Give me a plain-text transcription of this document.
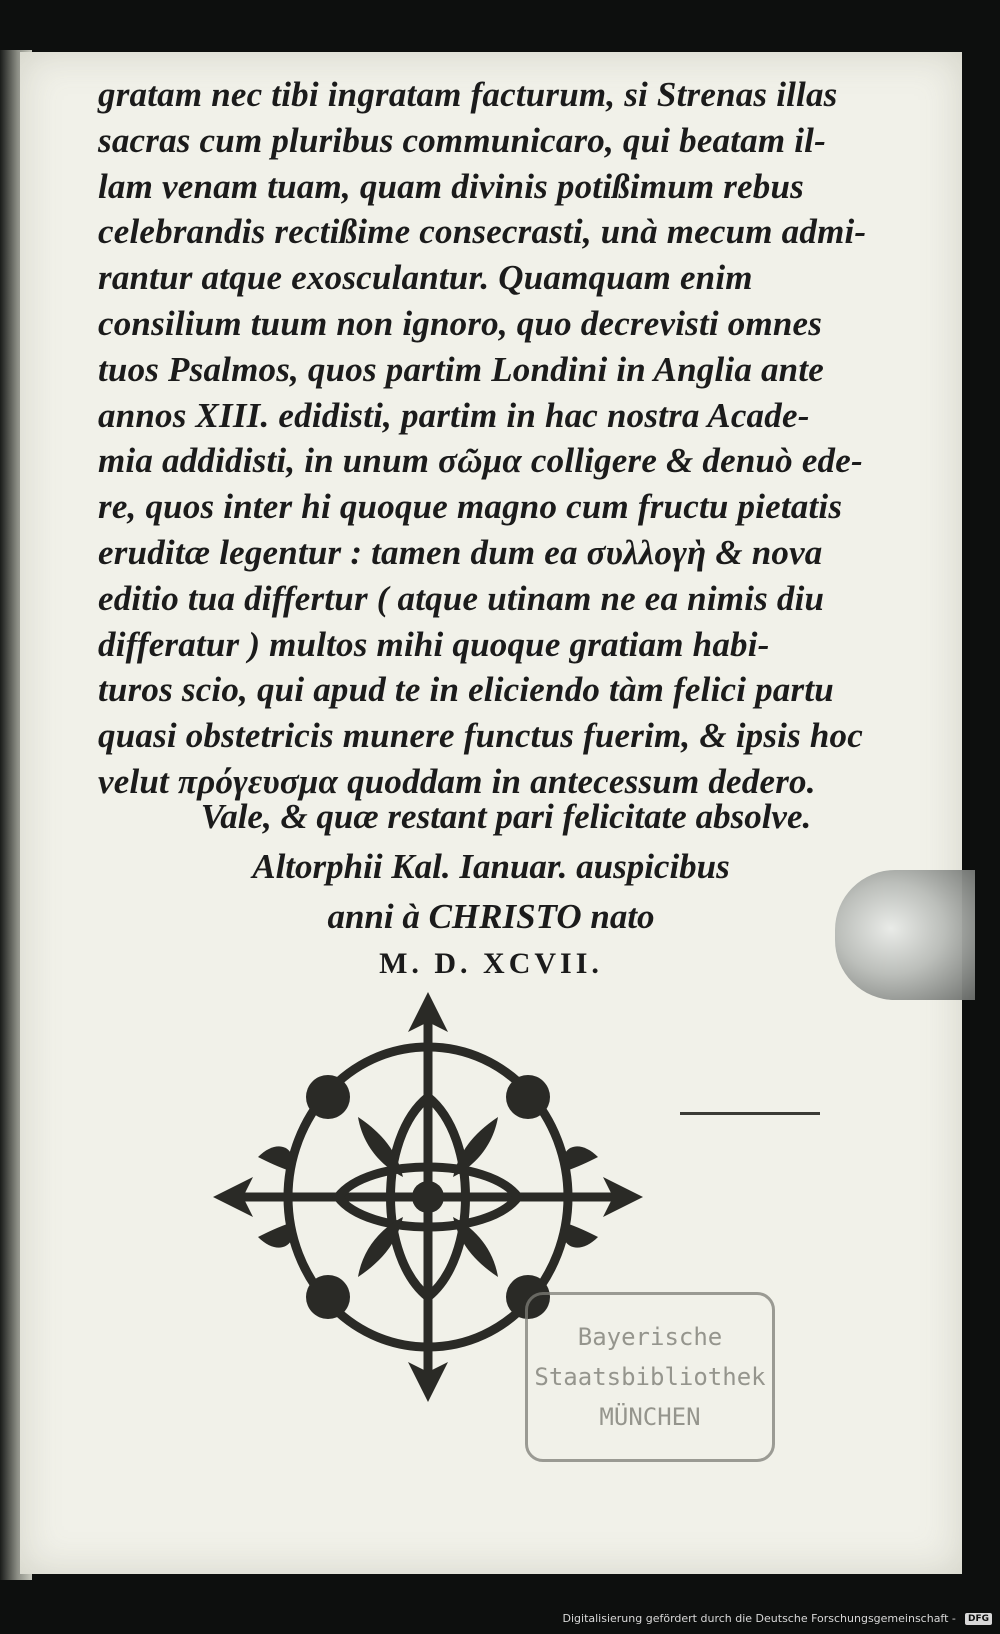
gratam nec tibi ingratam facturum, si Strenas illas
sacras cum pluribus communicaro, qui beatam il-
lam venam tuam, quam divinis potißimum rebus
celebrandis rectißime consecrasti, unà mecum admi-
rantur atque exosculantur. Quamquam enim
consilium tuum non ignoro, quo decrevisti omnes
tuos Psalmos, quos partim Londini in Anglia ante
annos XIII. edidisti, partim in hac nostra Acade-
mia addidisti, in unum σῶμα colligere & denuò ede-
re, quos inter hi quoque magno cum fructu pietatis
eruditæ legentur : tamen dum ea συλλογὴ & nova
editio tua differtur ( atque utinam ne ea nimis diu
differatur ) multos mihi quoque gratiam habi-
turos scio, qui apud te in eliciendo tàm felici partu
quasi obstetricis munere functus fuerim, & ipsis hoc
velut πρόγευσμα quoddam in antecessum dedero.
Vale, & quæ restant pari felicitate absolve.
Altorphii Kal. Ianuar. auspicibus
anni à CHRISTO nato
M. D. XCVII.
Bayerische
Staatsbibliothek
MÜNCHEN
Digitalisierung gefördert durch die Deutsche Forschungsgemeinschaft - DFG
